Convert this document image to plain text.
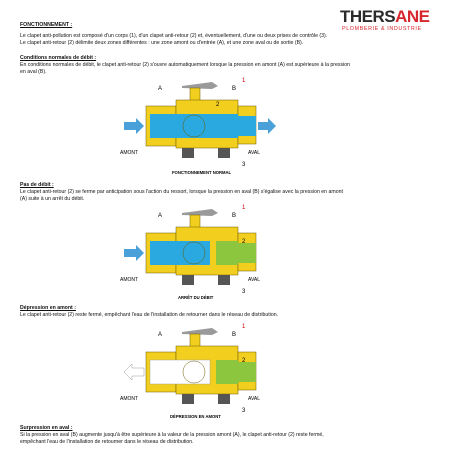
THERSANE
PLOMBERIE & INDUSTRIE
FONCTIONNEMENT :
Le clapet anti-pollution est composé d'un corps (1), d'un clapet anti-retour (2) et, éventuellement, d'une ou deux prises de contrôle (3).
Le clapet anti-retour (2) délimite deux zones différentes : une zone amont ou d'entrée (A), et une zone aval ou de sortie (B).
Conditions normales de débit :
En conditions normales de débit, le clapet anti-retour (2) s'ouvre automatiquement lorsque la pression en amont (A) est supérieure à la pression
en aval (B).
A	B
1
2
3
AMONT	AVAL
FONCTIONNEMENT NORMAL
Pas de débit :
Le clapet anti-retour (2) se ferme par anticipation sous l'action du ressort, lorsque la pression en aval (B) s'égalise avec la pression en amont
(A) suite à un arrêt du débit.
A	B
1
2
3
AMONT	AVAL
ARRÊT DU DÉBIT
Dépression en amont :
Le clapet anti-retour (2) reste fermé, empêchant l'eau de l'installation de retourner dans le réseau de distribution.
A	B
1
2
3
AMONT	AVAL
DÉPRESSION EN AMONT
Surpression en aval :
Si la pression en aval (B) augmente jusqu'à être supérieure à la valeur de la pression amont (A), le clapet anti-retour (2) reste fermé,
empêchant l'eau de l'installation de retourner dans le réseau de distribution.
